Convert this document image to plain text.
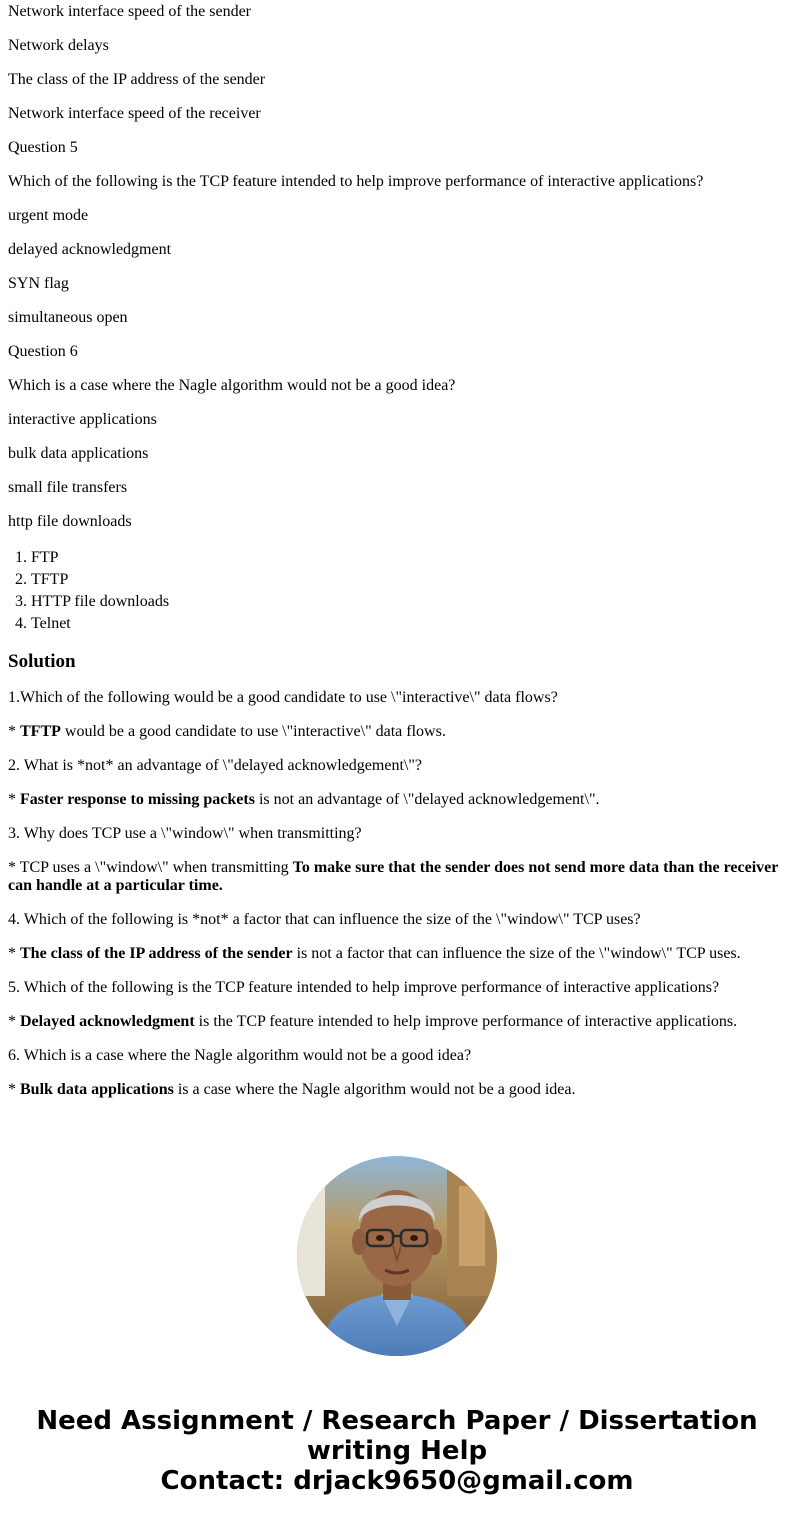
Network interface speed of the sender

Network delays

The class of the IP address of the sender

Network interface speed of the receiver

Question 5

Which of the following is the TCP feature intended to help improve performance of interactive applications?

urgent mode

delayed acknowledgment

SYN flag

simultaneous open

Question 6

Which is a case where the Nagle algorithm would not be a good idea?

interactive applications

bulk data applications

small file transfers

http file downloads

1. FTP
2. TFTP
3. HTTP file downloads
4. Telnet
Solution

1.Which of the following would be a good candidate to use \"interactive\" data flows?

* TFTP would be a good candidate to use \"interactive\" data flows.

2. What is *not* an advantage of \"delayed acknowledgement\"?

* Faster response to missing packets is not an advantage of \"delayed acknowledgement\".

3. Why does TCP use a \"window\" when transmitting?

* TCP uses a \"window\" when transmitting To make sure that the sender does not send more data than the receiver can handle at a particular time.

4. Which of the following is *not* a factor that can influence the size of the \"window\" TCP uses?

* The class of the IP address of the sender is not a factor that can influence the size of the \"window\" TCP uses.

5. Which of the following is the TCP feature intended to help improve performance of interactive applications?

* Delayed acknowledgment is the TCP feature intended to help improve performance of interactive applications.

6. Which is a case where the Nagle algorithm would not be a good idea?

* Bulk data applications is a case where the Nagle algorithm would not be a good idea.

Need Assignment / Research Paper / Dissertation
writing Help
Contact: drjack9650@gmail.com
